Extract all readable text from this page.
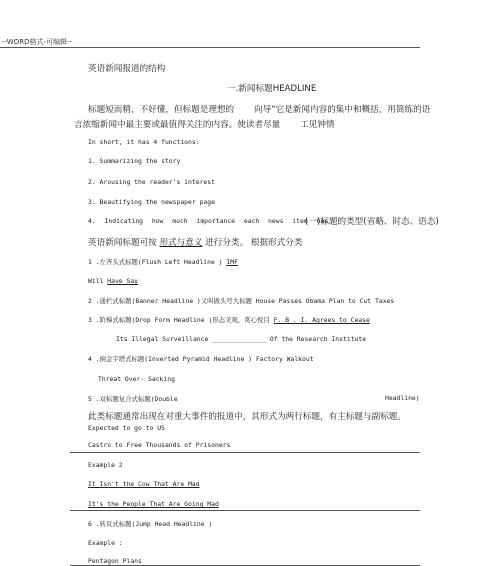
--WORD格式-可编辑--
英语新闻报道的结构
一.新闻标题HEADLINE
标题短而精，不好懂，但标题是理想的 　　向导”它是新闻内容的集中和概括，用简练的语
言浓缩新闻中最主要或最值得关注的内容。使读者尽量 　　工见钟情
In short, it has 4 functions:
1. Summarizing the story
2. Arousing the reader's interest
3. Beautifying the newspaper page
4. Indicating how much importance each news item has
(一)标题的类型(省略、时态、语态)
英语新闻标题可按 形式与意义 进行分类。 根据形式分类
1 .左齐头式标题(Flush Left Headline ) IMF
Will Have Say
2 .通栏式标题(Banner Headline )又叫做头号大标题 House Passes Obama Plan to Cut Taxes
3 .阶梯式标题(Drop Form Headline )形态美观，赏心悦目 F. B . I. Agrees to Cease
Its Illegal Surveillance ______________ Of the Research Institute
4 .倒金字塔式标题(Inverted Pyramid Headline ) Factory Walkout
Threat Over- Sacking
5 .双标题复合式标题(Double	Headline)
此类标题通常出现在对重大事件的报道中，其形式为两行标题，有主标题与副标题。
Expected to go to US
Castro to Free Thousands of Prisoners
Example 2
It Isn't the Cow That Are Mad
It's the People That Are Going Mad
6 .转页式标题(Jump Head Headline )
Example :
Pentagon Plans
